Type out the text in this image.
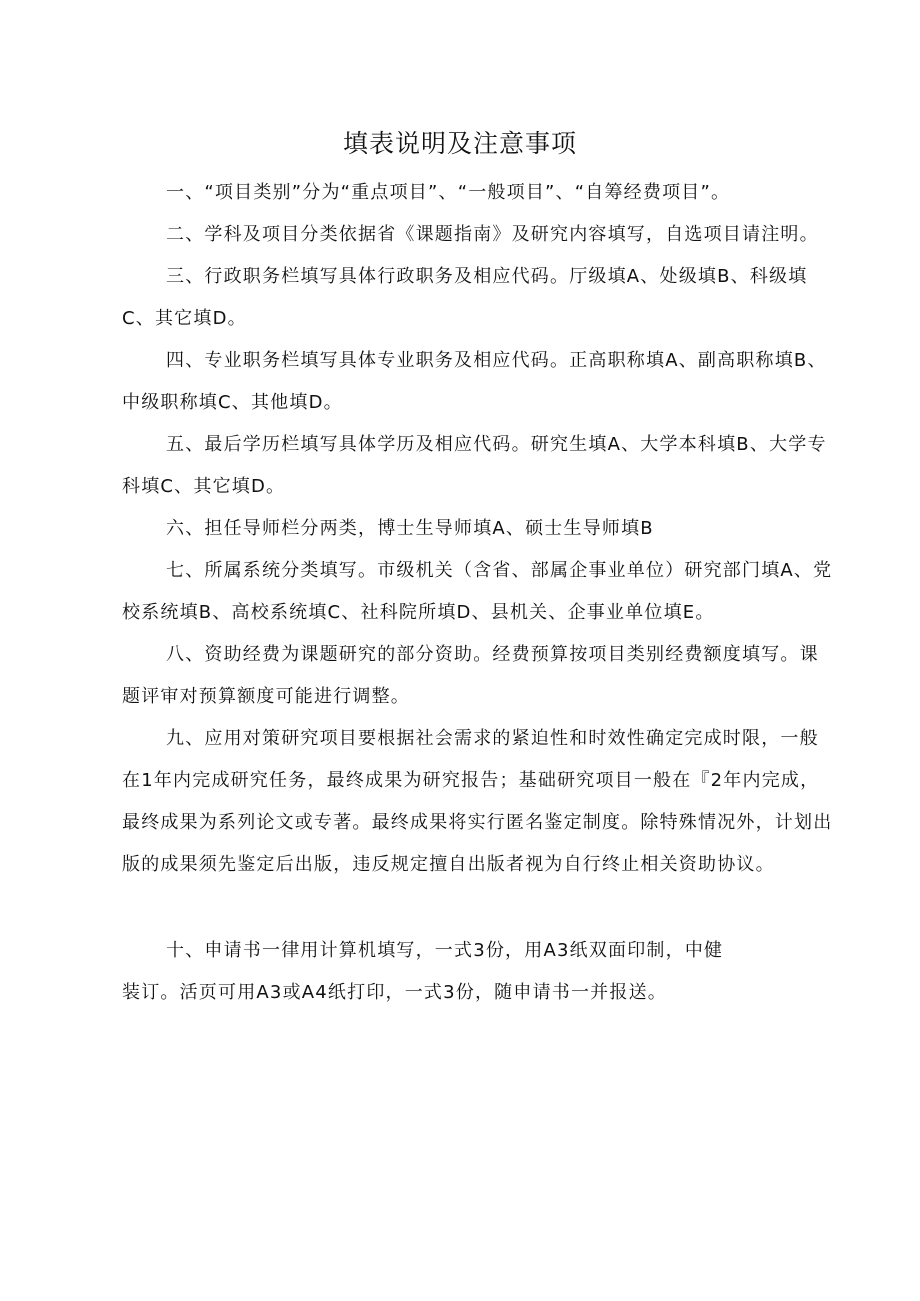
填表说明及注意事项
一、“项目类别”分为“重点项目”、“一般项目”、“自筹经费项目”。
二、学科及项目分类依据省《课题指南》及研究内容填写，自选项目请注明。
三、行政职务栏填写具体行政职务及相应代码。厅级填A、处级填B、科级填C、其它填D。
四、专业职务栏填写具体专业职务及相应代码。正高职称填A、副高职称填B、中级职称填C、其他填D。
五、最后学历栏填写具体学历及相应代码。研究生填A、大学本科填B、大学专科填C、其它填D。
六、担任导师栏分两类，博士生导师填A、硕士生导师填B
七、所属系统分类填写。市级机关（含省、部属企事业单位）研究部门填A、党校系统填B、高校系统填C、社科院所填D、县机关、企事业单位填E。
八、资助经费为课题研究的部分资助。经费预算按项目类别经费额度填写。课题评审对预算额度可能进行调整。
九、应用对策研究项目要根据社会需求的紧迫性和时效性确定完成时限，一般在1年内完成研究任务，最终成果为研究报告；基础研究项目一般在『2年内完成，最终成果为系列论文或专著。最终成果将实行匿名鉴定制度。除特殊情况外，计划出版的成果须先鉴定后出版，违反规定擅自出版者视为自行终止相关资助协议。
十、申请书一律用计算机填写，一式3份，用A3纸双面印制，中健
装订。活页可用A3或A4纸打印，一式3份，随申请书一并报送。
